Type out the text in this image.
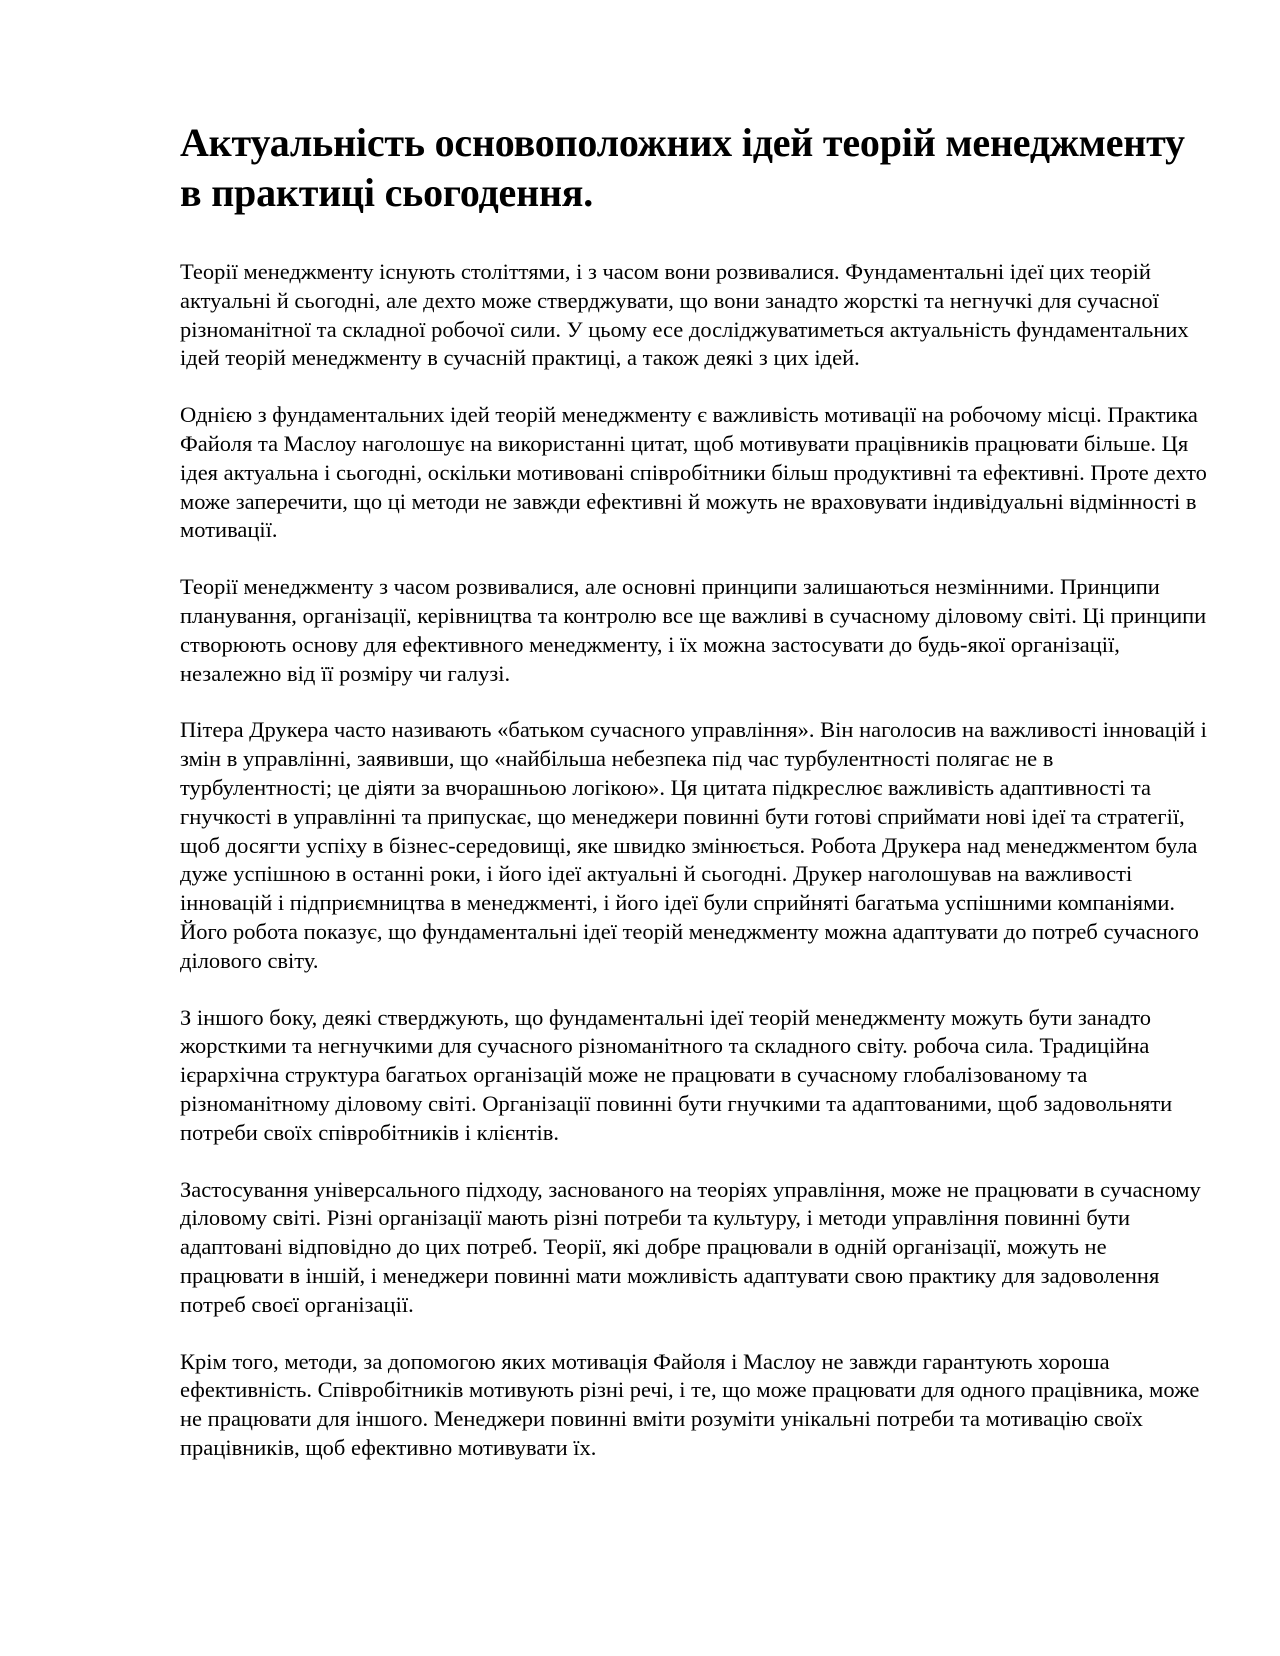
Актуальність основоположних ідей теорій менеджменту в практиці сьогодення.

Теорії менеджменту існують століттями, і з часом вони розвивалися. Фундаментальні ідеї цих теорій актуальні й сьогодні, але дехто може стверджувати, що вони занадто жорсткі та негнучкі для сучасної різноманітної та складної робочої сили. У цьому есе досліджуватиметься актуальність фундаментальних ідей теорій менеджменту в сучасній практиці, а також деякі з цих ідей.

Однією з фундаментальних ідей теорій менеджменту є важливість мотивації на робочому місці. Практика Файоля та Маслоу наголошує на використанні цитат, щоб мотивувати працівників працювати більше. Ця ідея актуальна і сьогодні, оскільки мотивовані співробітники більш продуктивні та ефективні. Проте дехто може заперечити, що ці методи не завжди ефективні й можуть не враховувати індивідуальні відмінності в мотивації.

Теорії менеджменту з часом розвивалися, але основні принципи залишаються незмінними. Принципи планування, організації, керівництва та контролю все ще важливі в сучасному діловому світі. Ці принципи створюють основу для ефективного менеджменту, і їх можна застосувати до будь-якої організації, незалежно від її розміру чи галузі.

Пітера Друкера часто називають «батьком сучасного управління». Він наголосив на важливості інновацій і змін в управлінні, заявивши, що «найбільша небезпека під час турбулентності полягає не в турбулентності; це діяти за вчорашньою логікою». Ця цитата підкреслює важливість адаптивності та гнучкості в управлінні та припускає, що менеджери повинні бути готові сприймати нові ідеї та стратегії, щоб досягти успіху в бізнес-середовищі, яке швидко змінюється. Робота Друкера над менеджментом була дуже успішною в останні роки, і його ідеї актуальні й сьогодні. Друкер наголошував на важливості інновацій і підприємництва в менеджменті, і його ідеї були сприйняті багатьма успішними компаніями. Його робота показує, що фундаментальні ідеї теорій менеджменту можна адаптувати до потреб сучасного ділового світу.

З іншого боку, деякі стверджують, що фундаментальні ідеї теорій менеджменту можуть бути занадто жорсткими та негнучкими для сучасного різноманітного та складного світу. робоча сила. Традиційна ієрархічна структура багатьох організацій може не працювати в сучасному глобалізованому та різноманітному діловому світі. Організації повинні бути гнучкими та адаптованими, щоб задовольняти потреби своїх співробітників і клієнтів.

Застосування універсального підходу, заснованого на теоріях управління, може не працювати в сучасному діловому світі. Різні організації мають різні потреби та культуру, і методи управління повинні бути адаптовані відповідно до цих потреб. Теорії, які добре працювали в одній організації, можуть не працювати в іншій, і менеджери повинні мати можливість адаптувати свою практику для задоволення потреб своєї організації.

Крім того, методи, за допомогою яких мотивація Файоля і Маслоу не завжди гарантують хороша ефективність. Співробітників мотивують різні речі, і те, що може працювати для одного працівника, може не працювати для іншого. Менеджери повинні вміти розуміти унікальні потреби та мотивацію своїх працівників, щоб ефективно мотивувати їх.
